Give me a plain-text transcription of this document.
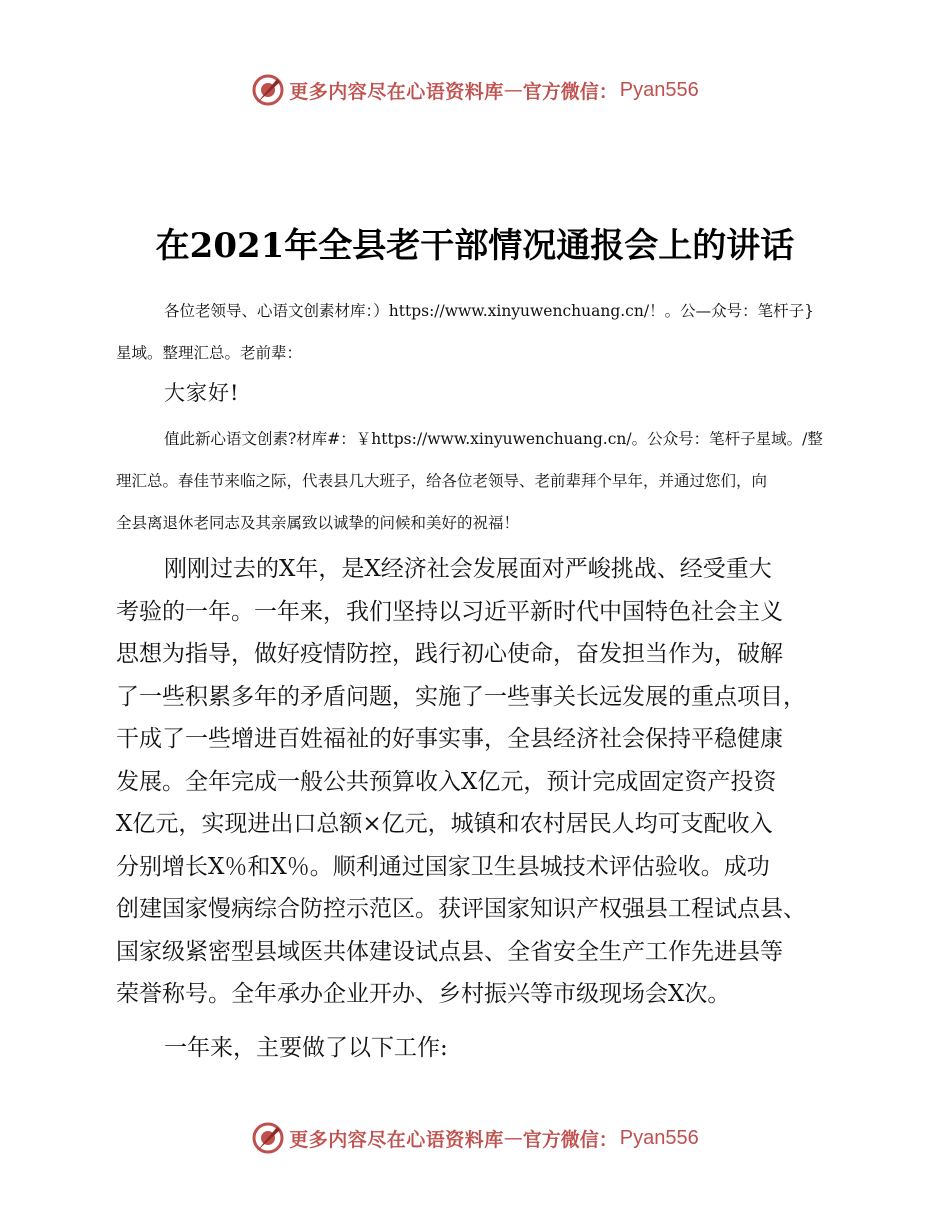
更多内容尽在心语资料库 — 官方微信： Pyan556
在2021年全县老干部情况通报会上的讲话

各位老领导、心语文创素材库：）https://www.xinyuwenchuang.cn/！。公—众号：笔杆子}
星域。整理汇总。老前辈：

大家好!

值此新心语文创素?材库#：￥https://www.xinyuwenchuang.cn/。公众号：笔杆子星域。/整
理汇总。春佳节来临之际，代表县几大班子，给各位老领导、老前辈拜个早年，并通过您们，向
全县离退休老同志及其亲属致以诚挚的问候和美好的祝福！

刚刚过去的X年，是X经济社会发展面对严峻挑战、经受重大
考验的一年。一年来，我们坚持以习近平新时代中国特色社会主义
思想为指导，做好疫情防控，践行初心使命，奋发担当作为，破解
了一些积累多年的矛盾问题，实施了一些事关长远发展的重点项目，
干成了一些增进百姓福祉的好事实事，全县经济社会保持平稳健康
发展。全年完成一般公共预算收入X亿元，预计完成固定资产投资
X亿元，实现进出口总额×亿元，城镇和农村居民人均可支配收入
分别增长X％和X％。顺利通过国家卫生县城技术评估验收。成功
创建国家慢病综合防控示范区。获评国家知识产权强县工程试点县、
国家级紧密型县域医共体建设试点县、全省安全生产工作先进县等
荣誉称号。全年承办企业开办、乡村振兴等市级现场会X次。

一年来，主要做了以下工作:

更多内容尽在心语资料库 — 官方微信： Pyan556
